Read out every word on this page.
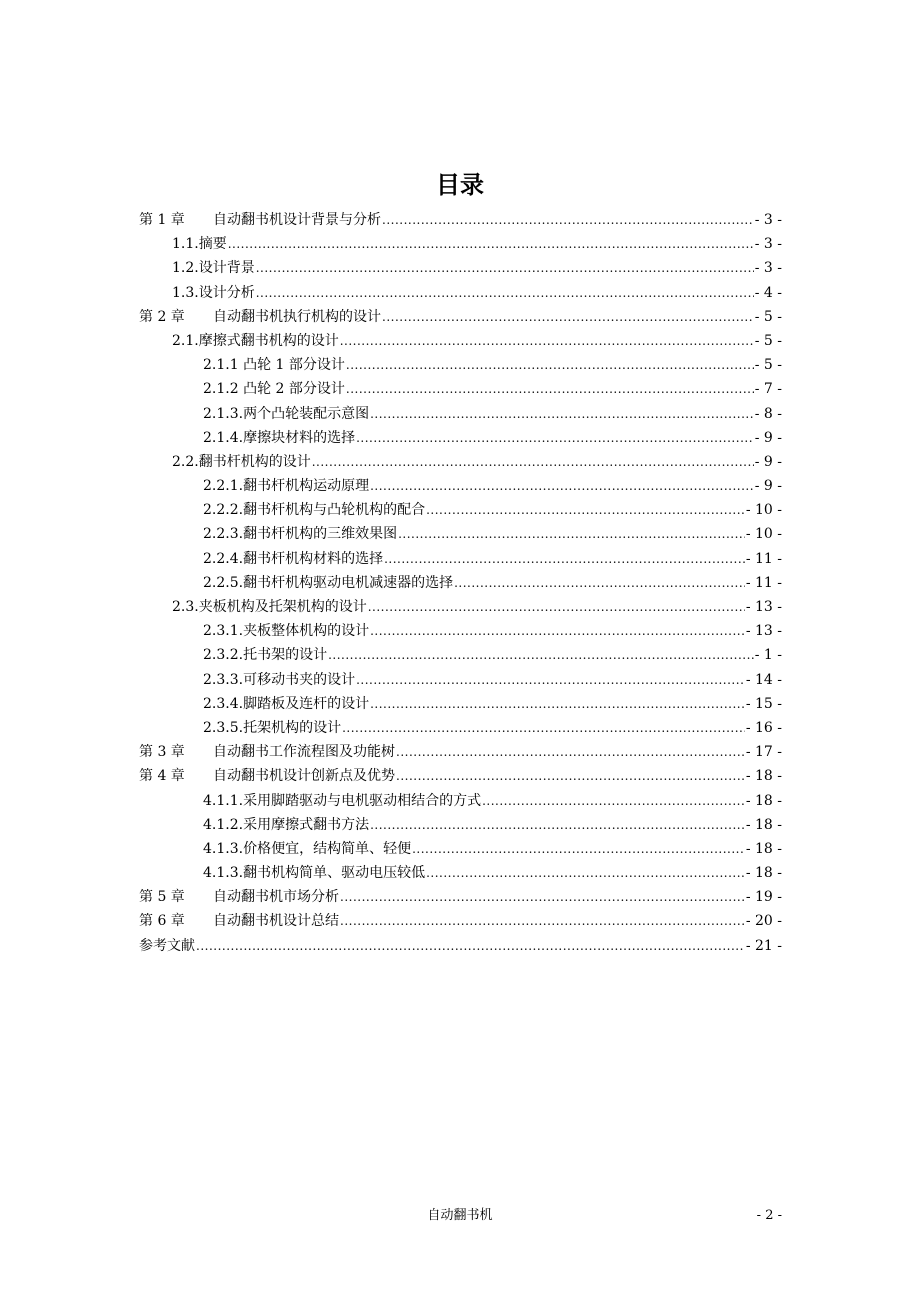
目录
第 1 章	自动翻书机设计背景与分析 .....	- 3 -
1.1.摘要 .....	- 3 -
1.2.设计背景 .....	- 3 -
1.3.设计分析 .....	- 4 -
第 2 章	自动翻书机执行机构的设计 .....	- 5 -
2.1.摩擦式翻书机构的设计 .....	- 5 -
2.1.1 凸轮 1 部分设计 .....	- 5 -
2.1.2 凸轮 2 部分设计 .....	- 7 -
2.1.3.两个凸轮装配示意图 .....	- 8 -
2.1.4.摩擦块材料的选择 .....	- 9 -
2.2.翻书杆机构的设计 .....	- 9 -
2.2.1.翻书杆机构运动原理 .....	- 9 -
2.2.2.翻书杆机构与凸轮机构的配合 .....	- 10 -
2.2.3.翻书杆机构的三维效果图 .....	- 10 -
2.2.4.翻书杆机构材料的选择 .....	- 11 -
2.2.5.翻书杆机构驱动电机减速器的选择 .....	- 11 -
2.3.夹板机构及托架机构的设计 .....	- 13 -
2.3.1.夹板整体机构的设计 .....	- 13 -
2.3.2.托书架的设计 .....	- 1 -
2.3.3.可移动书夹的设计 .....	- 14 -
2.3.4.脚踏板及连杆的设计 .....	- 15 -
2.3.5.托架机构的设计 .....	- 16 -
第 3 章	自动翻书工作流程图及功能树 .....	- 17 -
第 4 章	自动翻书机设计创新点及优势 .....	- 18 -
4.1.1.采用脚踏驱动与电机驱动相结合的方式 .....	- 18 -
4.1.2.采用摩擦式翻书方法 .....	- 18 -
4.1.3.价格便宜，结构简单、轻便 .....	- 18 -
4.1.3.翻书机构简单、驱动电压较低 .....	- 18 -
第 5 章	自动翻书机市场分析 .....	- 19 -
第 6 章	自动翻书机设计总结 .....	- 20 -
参考文献 .....	- 21 -
自动翻书机	- 2 -
